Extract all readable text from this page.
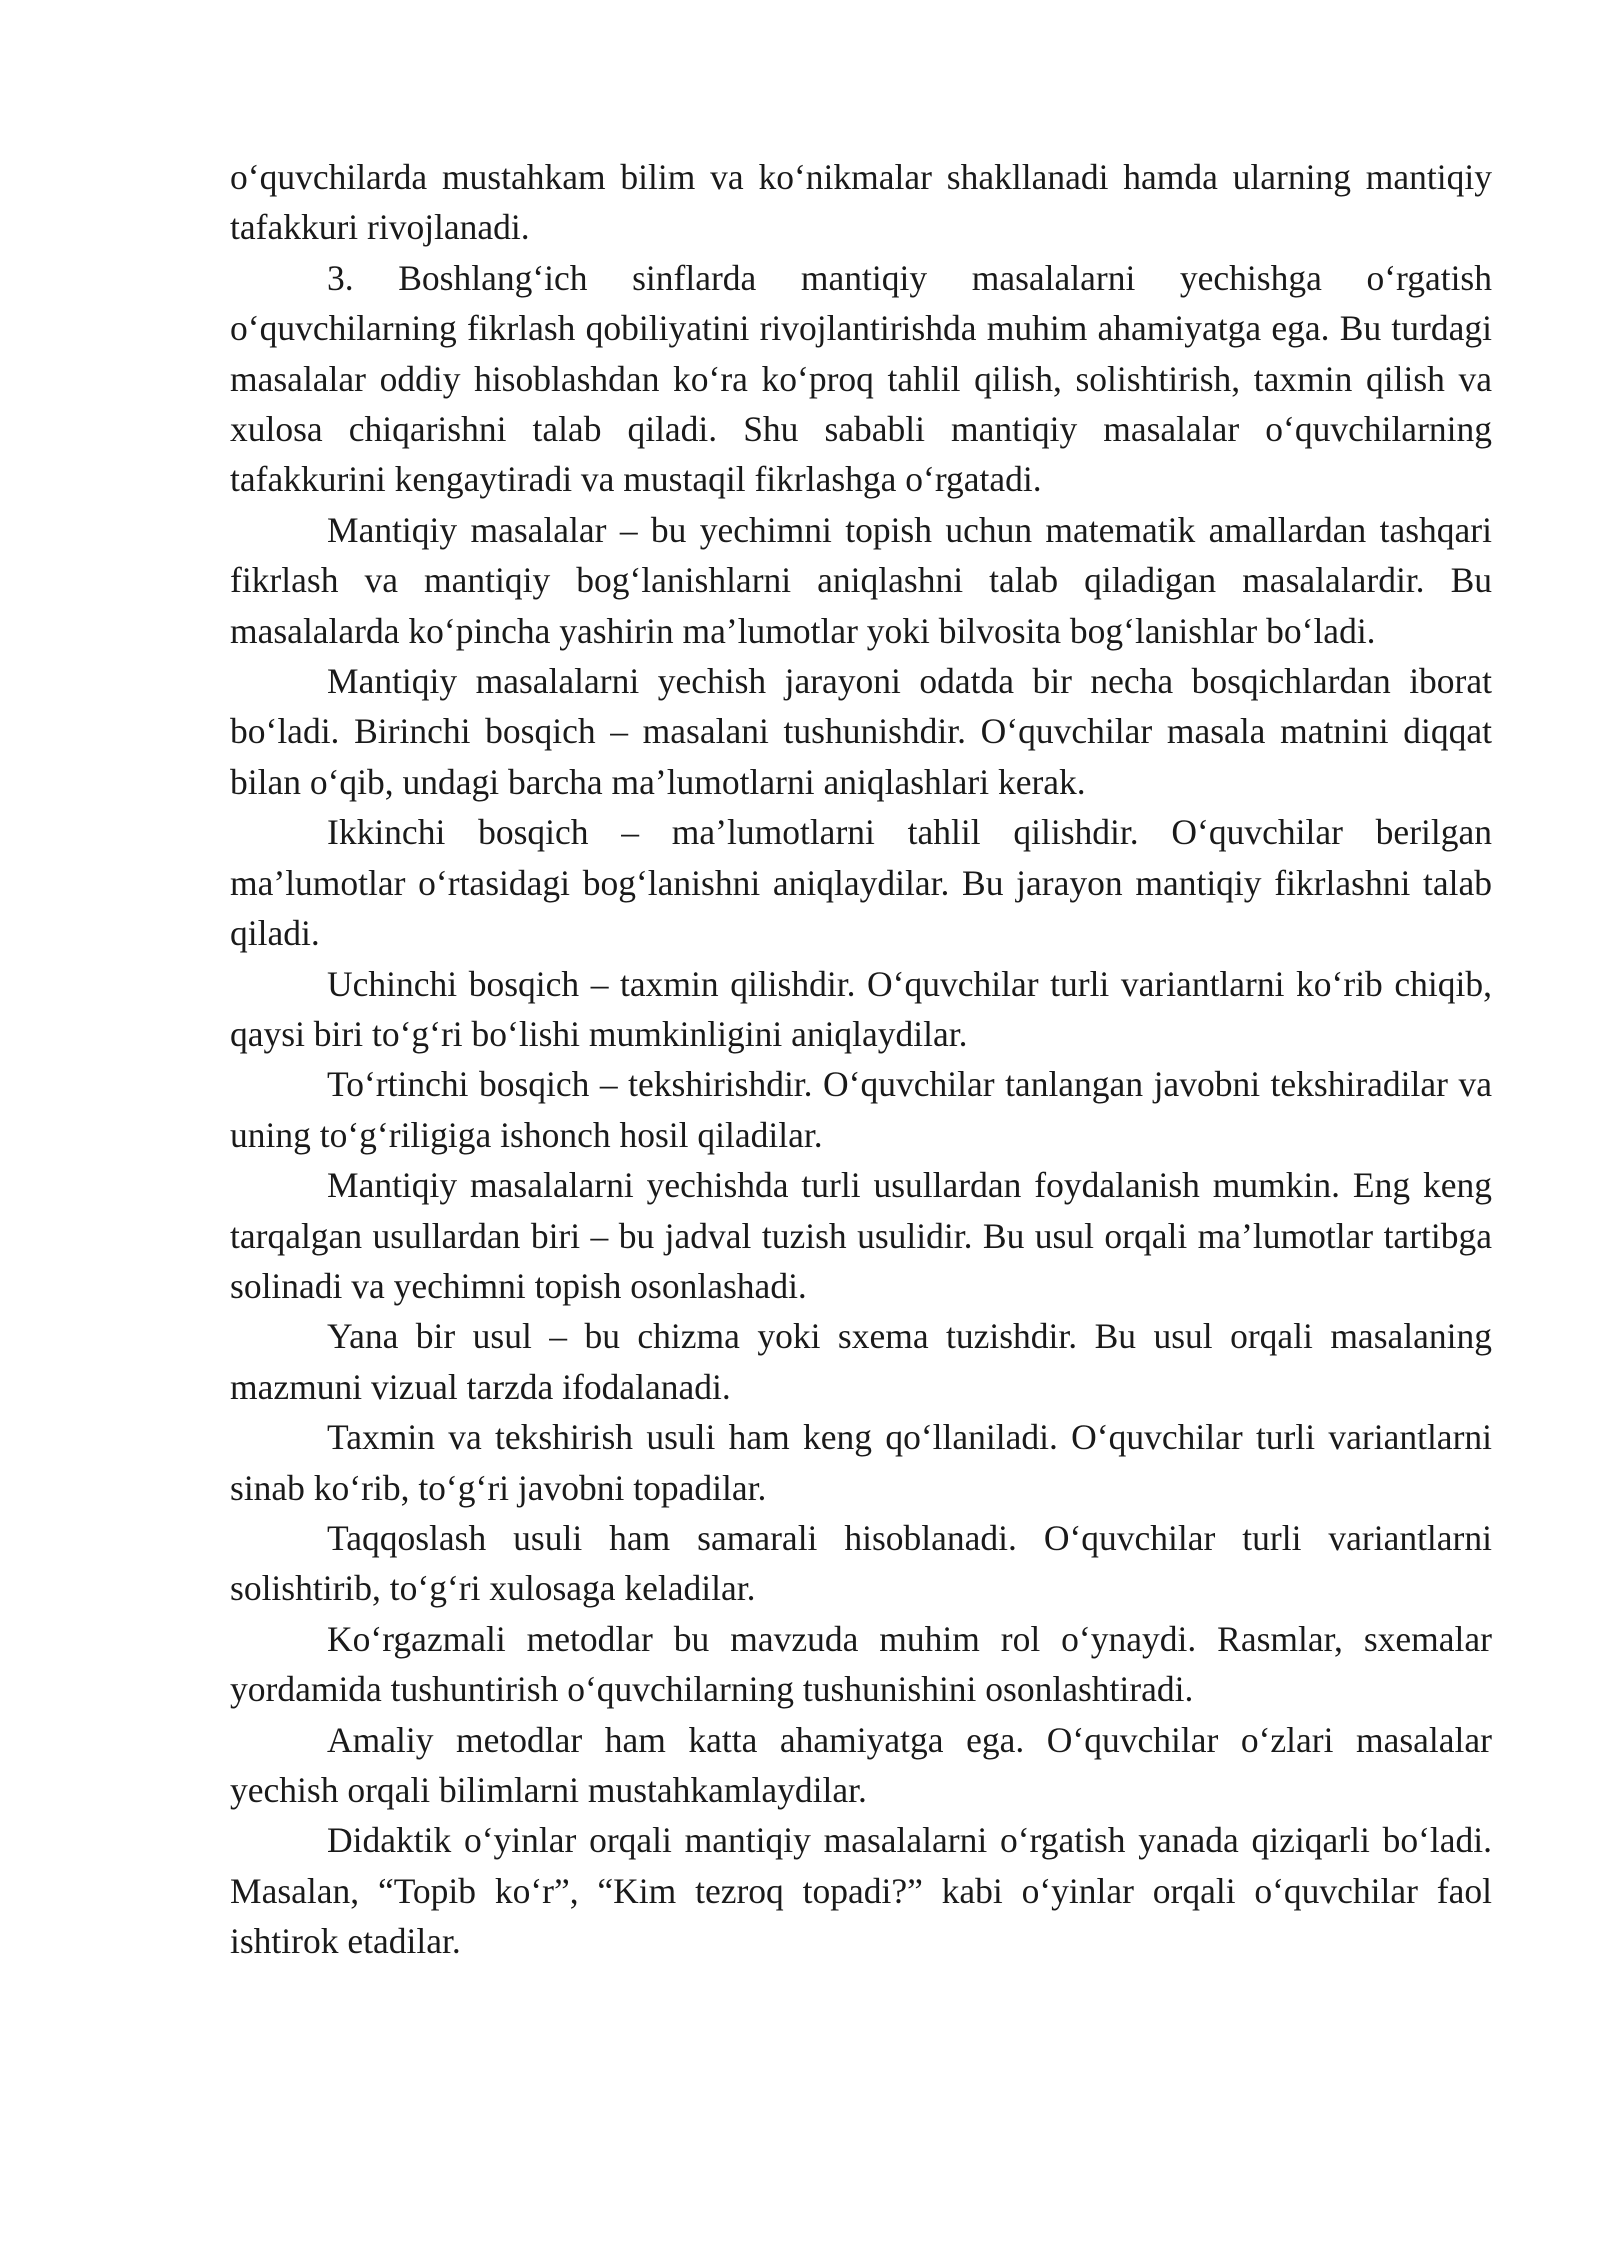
o‘quvchilarda mustahkam bilim va ko‘nikmalar shakllanadi hamda ularning mantiqiy tafakkuri rivojlanadi.

3. Boshlang‘ich sinflarda mantiqiy masalalarni yechishga o‘rgatish o‘quvchilarning fikrlash qobiliyatini rivojlantirishda muhim ahamiyatga ega. Bu turdagi masalalar oddiy hisoblashdan ko‘ra ko‘proq tahlil qilish, solishtirish, taxmin qilish va xulosa chiqarishni talab qiladi. Shu sababli mantiqiy masalalar o‘quvchilarning tafakkurini kengaytiradi va mustaqil fikrlashga o‘rgatadi.

Mantiqiy masalalar – bu yechimni topish uchun matematik amallardan tashqari fikrlash va mantiqiy bog‘lanishlarni aniqlashni talab qiladigan masalalardir. Bu masalalarda ko‘pincha yashirin ma’lumotlar yoki bilvosita bog‘lanishlar bo‘ladi.

Mantiqiy masalalarni yechish jarayoni odatda bir necha bosqichlardan iborat bo‘ladi. Birinchi bosqich – masalani tushunishdir. O‘quvchilar masala matnini diqqat bilan o‘qib, undagi barcha ma’lumotlarni aniqlashlari kerak.

Ikkinchi bosqich – ma’lumotlarni tahlil qilishdir. O‘quvchilar berilgan ma’lumotlar o‘rtasidagi bog‘lanishni aniqlaydilar. Bu jarayon mantiqiy fikrlashni talab qiladi.

Uchinchi bosqich – taxmin qilishdir. O‘quvchilar turli variantlarni ko‘rib chiqib, qaysi biri to‘g‘ri bo‘lishi mumkinligini aniqlaydilar.

To‘rtinchi bosqich – tekshirishdir. O‘quvchilar tanlangan javobni tekshiradilar va uning to‘g‘riligiga ishonch hosil qiladilar.

Mantiqiy masalalarni yechishda turli usullardan foydalanish mumkin. Eng keng tarqalgan usullardan biri – bu jadval tuzish usulidir. Bu usul orqali ma’lumotlar tartibga solinadi va yechimni topish osonlashadi.

Yana bir usul – bu chizma yoki sxema tuzishdir. Bu usul orqali masalaning mazmuni vizual tarzda ifodalanadi.

Taxmin va tekshirish usuli ham keng qo‘llaniladi. O‘quvchilar turli variantlarni sinab ko‘rib, to‘g‘ri javobni topadilar.

Taqqoslash usuli ham samarali hisoblanadi. O‘quvchilar turli variantlarni solishtirib, to‘g‘ri xulosaga keladilar.

Ko‘rgazmali metodlar bu mavzuda muhim rol o‘ynaydi. Rasmlar, sxemalar yordamida tushuntirish o‘quvchilarning tushunishini osonlashtiradi.

Amaliy metodlar ham katta ahamiyatga ega. O‘quvchilar o‘zlari masalalar yechish orqali bilimlarni mustahkamlaydilar.

Didaktik o‘yinlar orqali mantiqiy masalalarni o‘rgatish yanada qiziqarli bo‘ladi. Masalan, “Topib ko‘r”, “Kim tezroq topadi?” kabi o‘yinlar orqali o‘quvchilar faol ishtirok etadilar.
